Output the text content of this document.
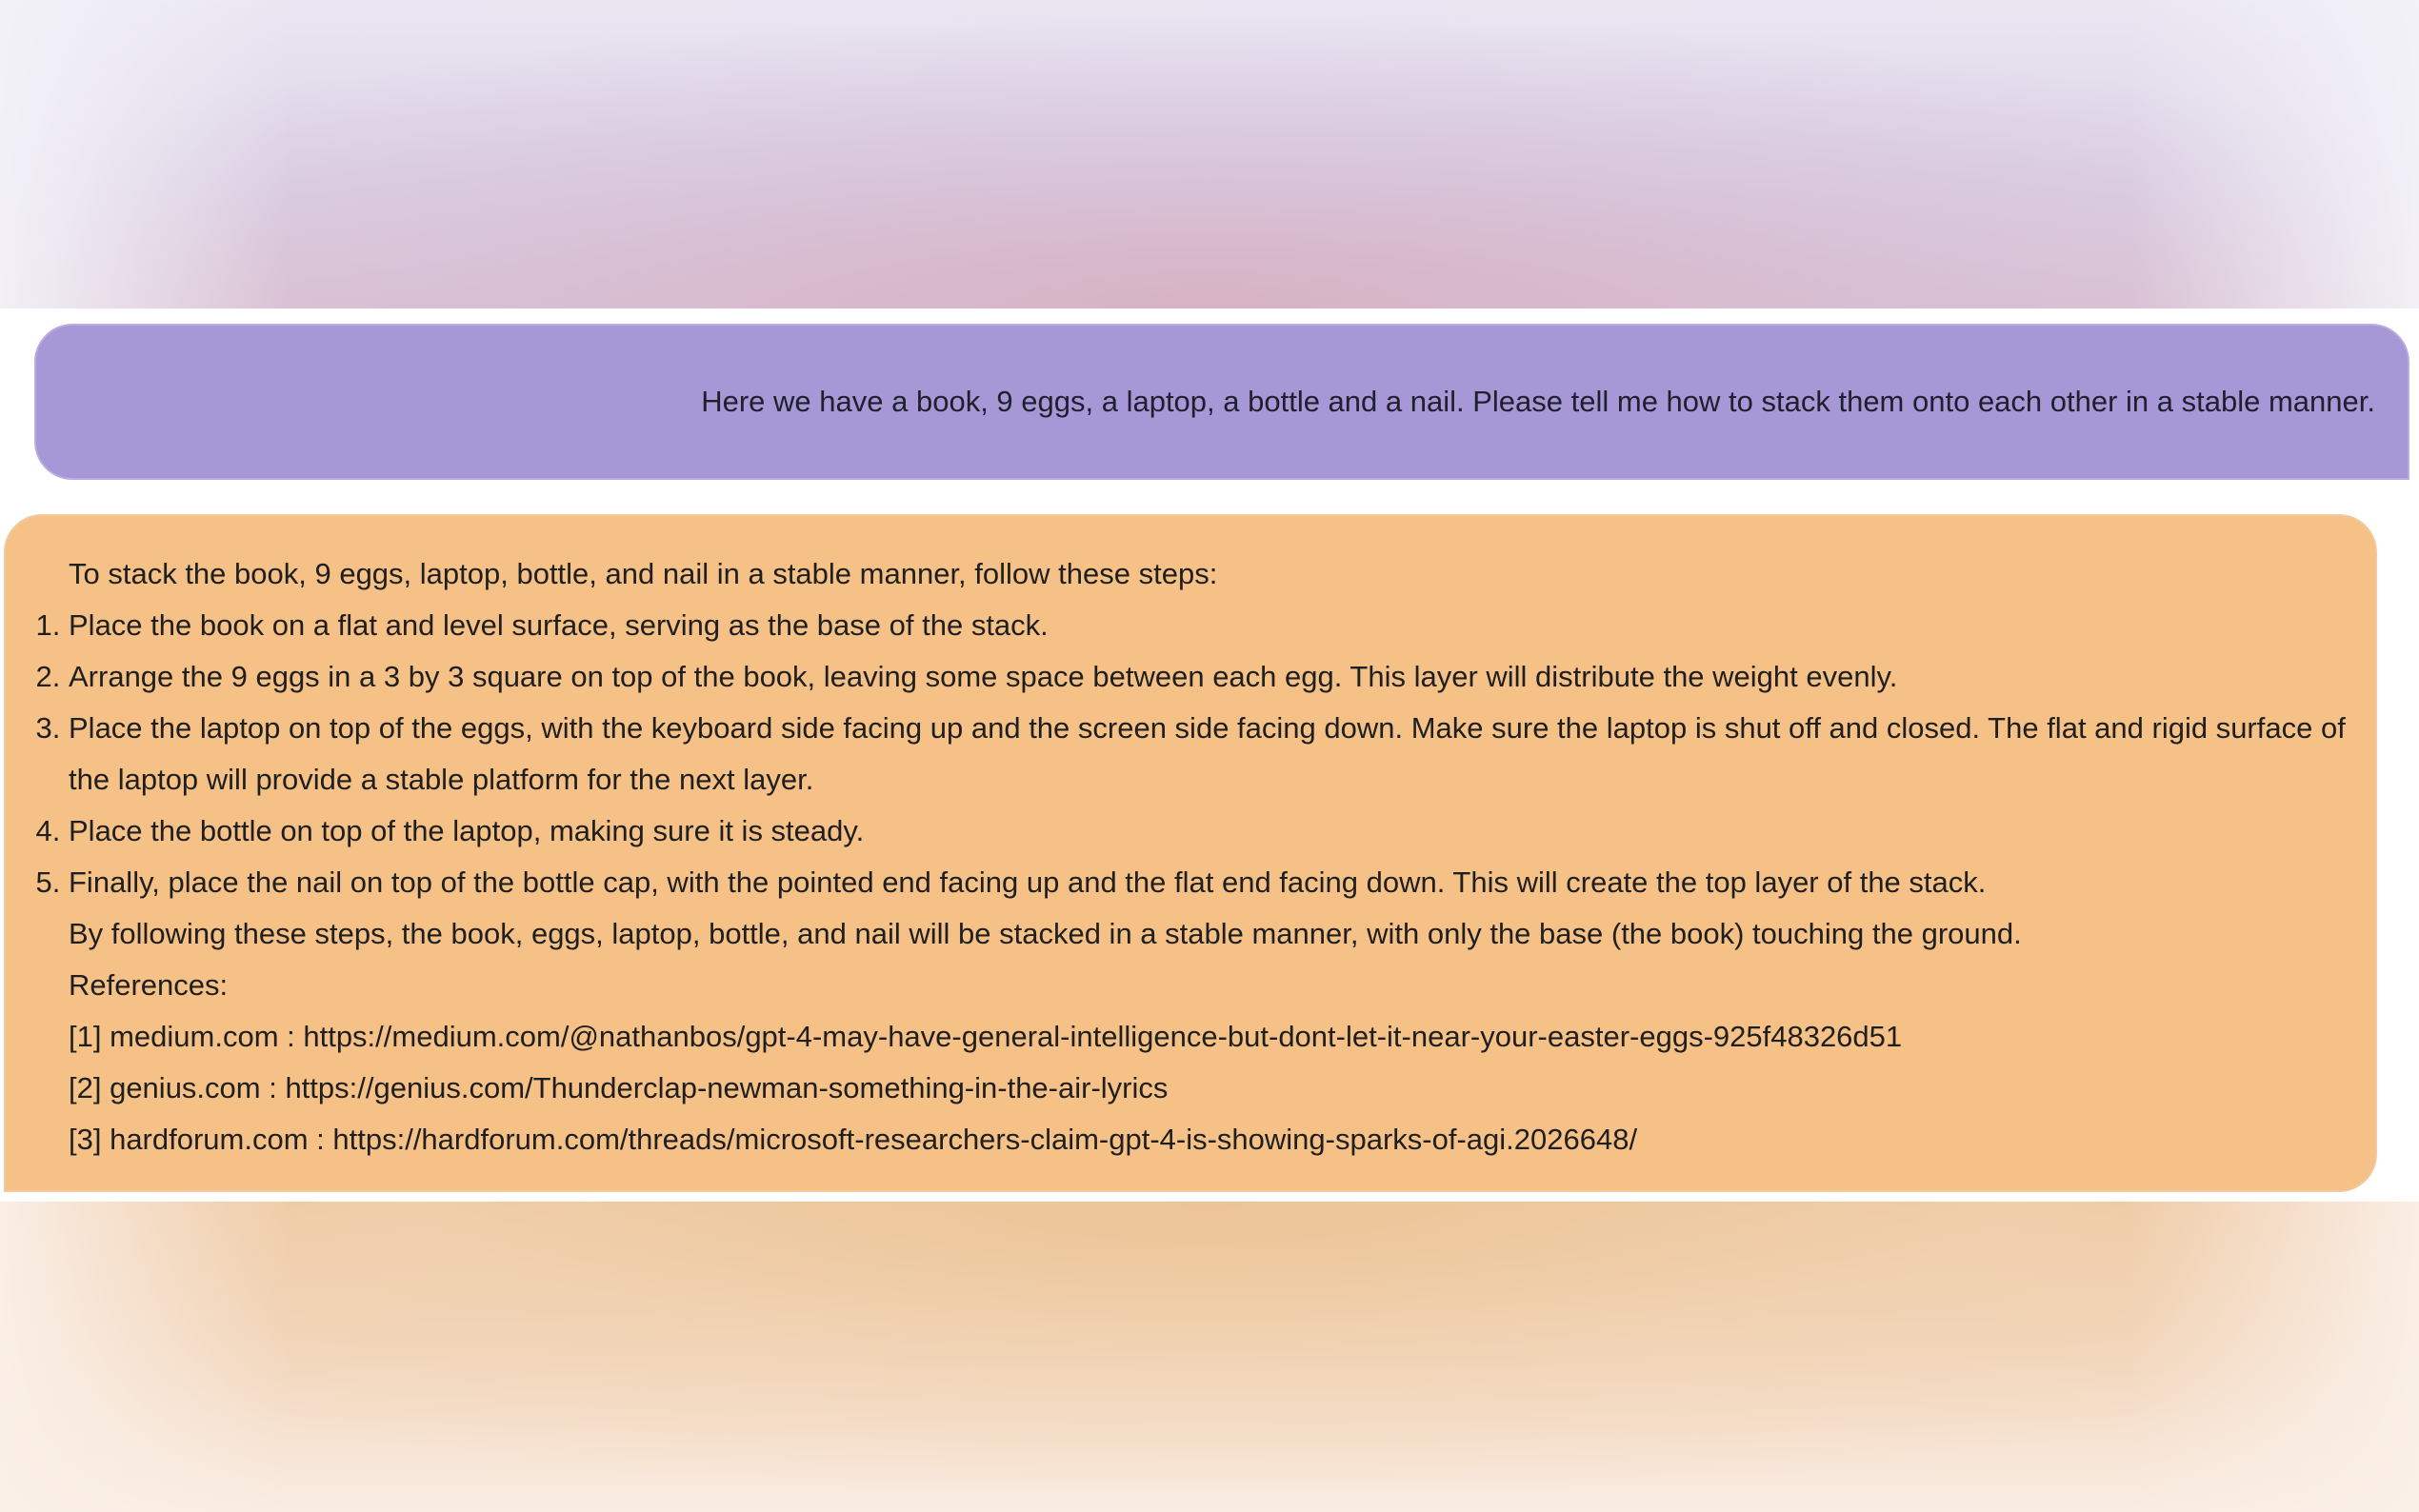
Here we have a book, 9 eggs, a laptop, a bottle and a nail. Please tell me how to stack them onto each other in a stable manner.

To stack the book, 9 eggs, laptop, bottle, and nail in a stable manner, follow these steps:

1. Place the book on a flat and level surface, serving as the base of the stack.
2. Arrange the 9 eggs in a 3 by 3 square on top of the book, leaving some space between each egg. This layer will distribute the weight evenly.
3. Place the laptop on top of the eggs, with the keyboard side facing up and the screen side facing down. Make sure the laptop is shut off and closed. The flat and rigid surface of the laptop will provide a stable platform for the next layer.
4. Place the bottle on top of the laptop, making sure it is steady.
5. Finally, place the nail on top of the bottle cap, with the pointed end facing up and the flat end facing down. This will create the top layer of the stack.

By following these steps, the book, eggs, laptop, bottle, and nail will be stacked in a stable manner, with only the base (the book) touching the ground.

References:

[1] medium.com : https://medium.com/@nathanbos/gpt-4-may-have-general-intelligence-but-dont-let-it-near-your-easter-eggs-925f48326d51

[2] genius.com : https://genius.com/Thunderclap-newman-something-in-the-air-lyrics

[3] hardforum.com : https://hardforum.com/threads/microsoft-researchers-claim-gpt-4-is-showing-sparks-of-agi.2026648/
